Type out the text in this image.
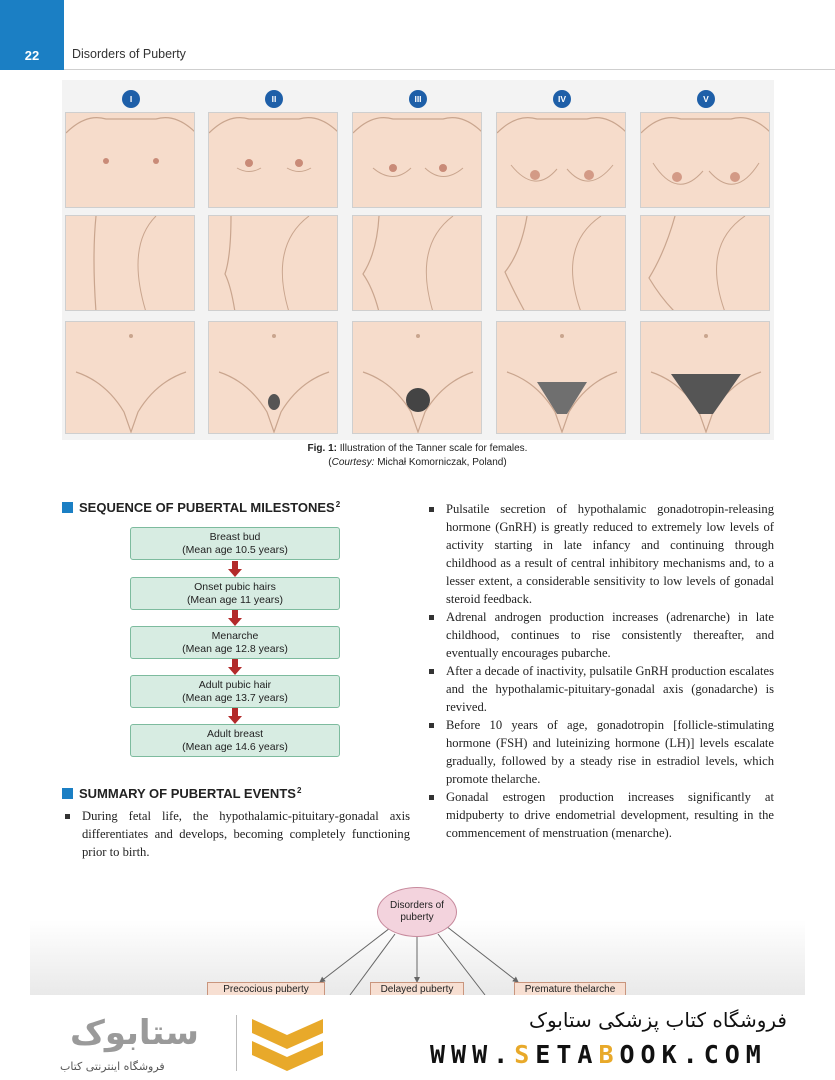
22	Disorders of Puberty
I	II	III	IV	V
Fig. 1: Illustration of the Tanner scale for females.
(Courtesy: Michał Komorniczak, Poland)
SEQUENCE OF PUBERTAL MILESTONES$^2$
Breast bud
(Mean age 10.5 years)
Onset pubic hairs
(Mean age 11 years)
Menarche
(Mean age 12.8 years)
Adult pubic hair
(Mean age 13.7 years)
Adult breast
(Mean age 14.6 years)
SUMMARY OF PUBERTAL EVENTS$^2$
During fetal life, the hypothalamic-pituitary-gonadal axis differentiates and develops, becoming completely functioning prior to birth.
Pulsatile secretion of hypothalamic gonadotropin-releasing hormone (GnRH) is greatly reduced to extremely low levels of activity starting in late infancy and continuing through childhood as a result of central inhibitory mechanisms and, to a lesser extent, a considerable sensitivity to low levels of gonadal steroid feedback.
Adrenal androgen production increases (adrenarche) in late childhood, continues to rise consistently thereafter, and eventually encourages pubarche.
After a decade of inactivity, pulsatile GnRH production escalates and the hypothalamic-pituitary-gonadal axis (gonadarche) is revived.
Before 10 years of age, gonadotropin [follicle-stimulating hormone (FSH) and luteinizing hormone (LH)] levels escalate gradually, followed by a steady rise in estradiol levels, which promote thelarche.
Gonadal estrogen production increases significantly at midpuberty to drive endometrial development, resulting in the commencement of menstruation (menarche).
Disorders of puberty
Precocious puberty	Delayed puberty	Premature thelarche
ستابوک
فروشگاه اینترنتی کتاب
فروشگاه کتاب پزشکی ستابوک
WWW.SETABOOK.COM
